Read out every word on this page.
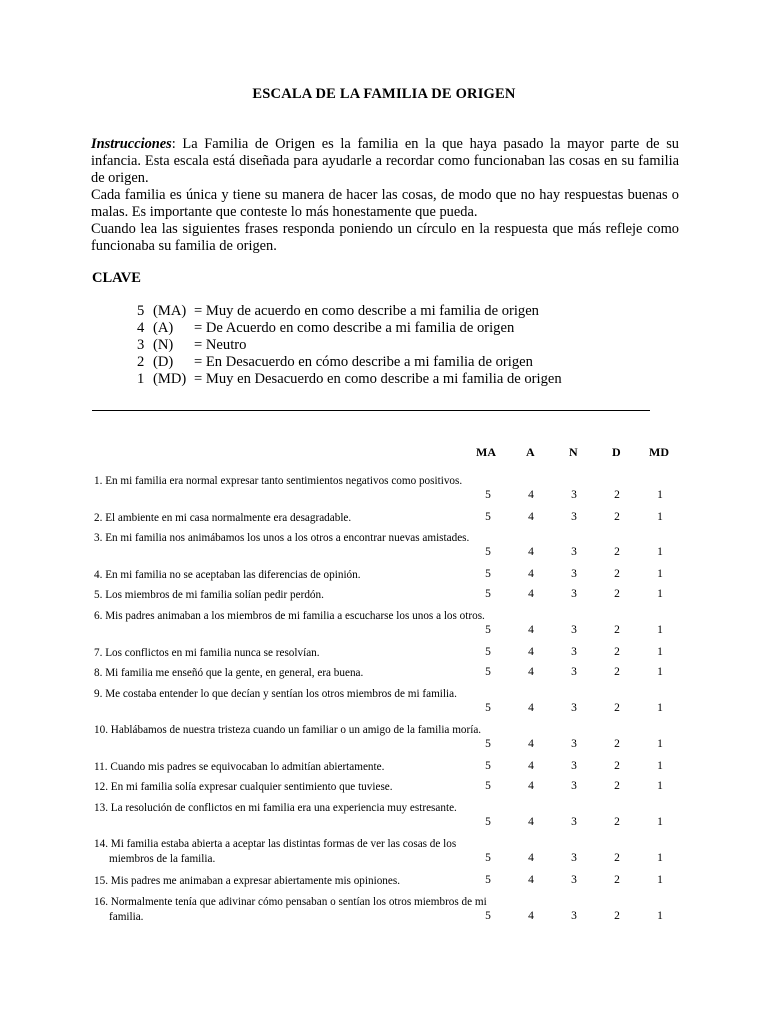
ESCALA DE LA FAMILIA DE ORIGEN

Instrucciones: La Familia de Origen es la familia en la que haya pasado la mayor parte de su infancia. Esta escala está diseñada para ayudarle a recordar como funcionaban las cosas en su familia de origen.

Cada familia es única y tiene su manera de hacer las cosas, de modo que no hay respuestas buenas o malas. Es importante que conteste lo más honestamente que pueda.

Cuando lea las siguientes frases responda poniendo un círculo en la respuesta que más refleje como funcionaba su familia de origen.

CLAVE
5 (MA) = Muy de acuerdo en como describe a mi familia de origen
4 (A)	= De Acuerdo en como describe a mi familia de origen
3 (N)	= Neutro
2 (D)	= En Desacuerdo en cómo describe a mi familia de origen
1 (MD) = Muy en Desacuerdo en como describe a mi familia de origen
MA	A	N	D MD
1. En mi familia era normal expresar tanto sentimientos negativos como positivos.
5	4	3	2	1
2. El ambiente en mi casa normalmente era desagradable.	5	4	3	2	1
3. En mi familia nos animábamos los unos a los otros a encontrar nuevas amistades.
5	4	3	2	1
4. En mi familia no se aceptaban las diferencias de opinión.	5	4	3	2	1
5. Los miembros de mi familia solían pedir perdón.	5	4	3	2	1
6. Mis padres animaban a los miembros de mi familia a escucharse los unos a los otros.
5	4	3	2	1
7. Los conflictos en mi familia nunca se resolvían.	5	4	3	2	1
8. Mi familia me enseñó que la gente, en general, era buena.	5	4	3	2	1
9. Me costaba entender lo que decían y sentían los otros miembros de mi familia.
5	4	3	2	1
10. Hablábamos de nuestra tristeza cuando un familiar o un amigo de la familia moría.
5	4	3	2	1
11. Cuando mis padres se equivocaban lo admitían abiertamente.	5	4	3	2	1
12. En mi familia solía expresar cualquier sentimiento que tuviese.	5	4	3	2	1
13. La resolución de conflictos en mi familia era una experiencia muy estresante.
5	4	3	2	1
14. Mi familia estaba abierta a aceptar las distintas formas de ver las cosas de los miembros de la familia.	5	4	3	2	1
15. Mis padres me animaban a expresar abiertamente mis opiniones.	5	4	3	2	1
16. Normalmente tenía que adivinar cómo pensaban o sentían los otros miembros de mi familia.	5	4	3	2	1
